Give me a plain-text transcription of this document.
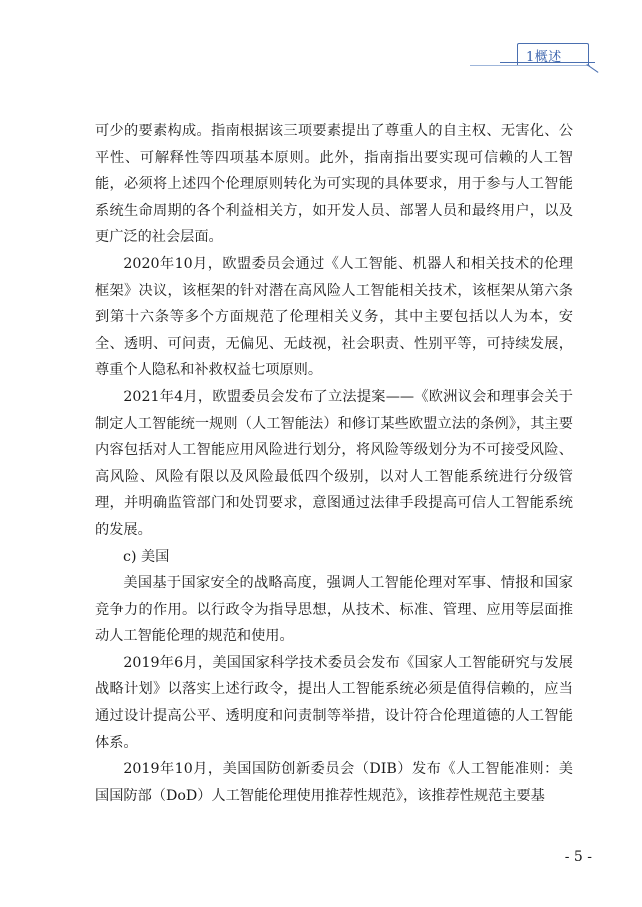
1概述

可少的要素构成。指南根据该三项要素提出了尊重人的自主权、无害化、公平性、可解释性等四项基本原则。此外，指南指出要实现可信赖的人工智能，必须将上述四个伦理原则转化为可实现的具体要求，用于参与人工智能系统生命周期的各个利益相关方，如开发人员、部署人员和最终用户，以及更广泛的社会层面。

2020年10月，欧盟委员会通过《人工智能、机器人和相关技术的伦理框架》决议，该框架的针对潜在高风险人工智能相关技术，该框架从第六条到第十六条等多个方面规范了伦理相关义务，其中主要包括以人为本，安全、透明、可问责，无偏见、无歧视，社会职责、性别平等，可持续发展，尊重个人隐私和补救权益七项原则。

2021年4月，欧盟委员会发布了立法提案——《欧洲议会和理事会关于制定人工智能统一规则（人工智能法）和修订某些欧盟立法的条例》，其主要内容包括对人工智能应用风险进行划分，将风险等级划分为不可接受风险、高风险、风险有限以及风险最低四个级别，以对人工智能系统进行分级管理，并明确监管部门和处罚要求，意图通过法律手段提高可信人工智能系统的发展。

c) 美国

美国基于国家安全的战略高度，强调人工智能伦理对军事、情报和国家竞争力的作用。以行政令为指导思想，从技术、标准、管理、应用等层面推动人工智能伦理的规范和使用。

2019年6月，美国国家科学技术委员会发布《国家人工智能研究与发展战略计划》以落实上述行政令，提出人工智能系统必须是值得信赖的，应当通过设计提高公平、透明度和问责制等举措，设计符合伦理道德的人工智能体系。

2019年10月，美国国防创新委员会（DIB）发布《人工智能准则：美国国防部（DoD）人工智能伦理使用推荐性规范》，该推荐性规范主要基

- 5 -
